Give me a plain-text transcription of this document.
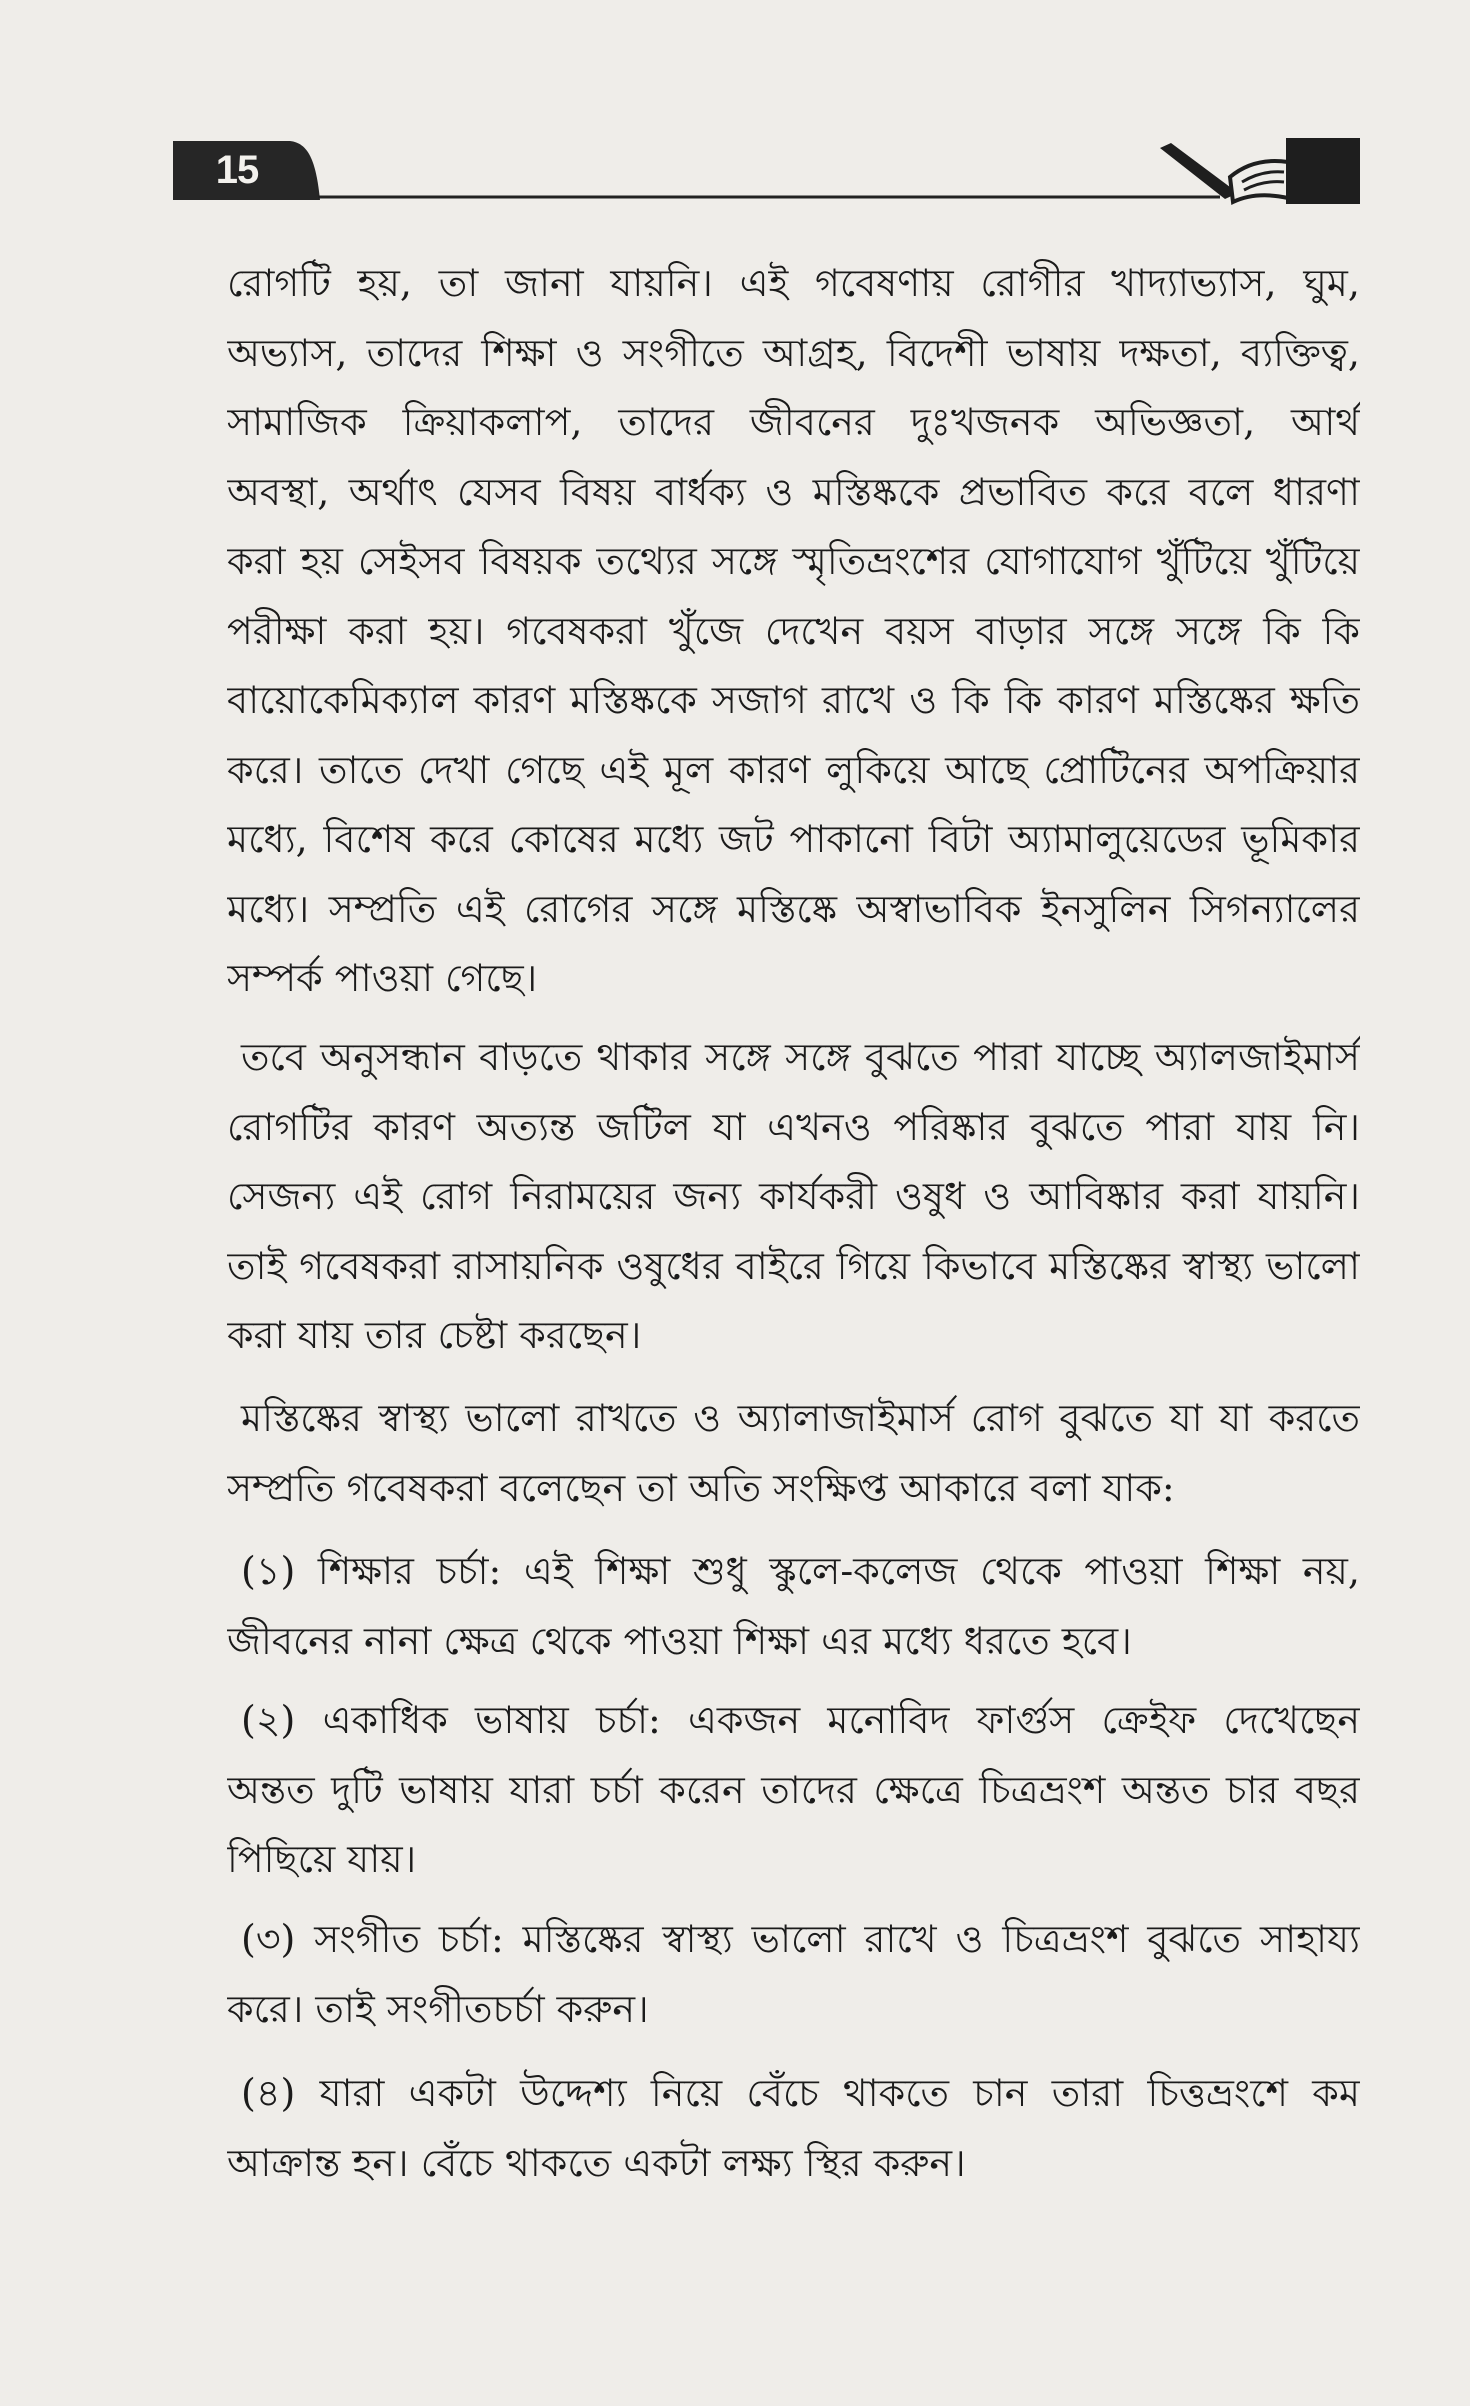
15
রোগটি হয়, তা জানা যায়নি। এই গবেষণায় রোগীর খাদ্যাভ্যাস, ঘুম,
অভ্যাস, তাদের শিক্ষা ও সংগীতে আগ্রহ, বিদেশী ভাষায় দক্ষতা, ব্যক্তিত্ব,
সামাজিক ক্রিয়াকলাপ, তাদের জীবনের দুঃখজনক অভিজ্ঞতা, আর্থ
অবস্থা, অর্থাৎ যেসব বিষয় বার্ধক্য ও মস্তিষ্ককে প্রভাবিত করে বলে ধারণা
করা হয় সেইসব বিষয়ক তথ্যের সঙ্গে স্মৃতিভ্রংশের যোগাযোগ খুঁটিয়ে খুঁটিয়ে
পরীক্ষা করা হয়। গবেষকরা খুঁজে দেখেন বয়স বাড়ার সঙ্গে সঙ্গে কি কি
বায়োকেমিক্যাল কারণ মস্তিষ্ককে সজাগ রাখে ও কি কি কারণ মস্তিষ্কের ক্ষতি
করে। তাতে দেখা গেছে এই মূল কারণ লুকিয়ে আছে প্রোটিনের অপক্রিয়ার
মধ্যে, বিশেষ করে কোষের মধ্যে জট পাকানো বিটা অ্যামালুয়েডের ভূমিকার
মধ্যে। সম্প্রতি এই রোগের সঙ্গে মস্তিষ্কে অস্বাভাবিক ইনসুলিন সিগন্যালের
সম্পর্ক পাওয়া গেছে।
তবে অনুসন্ধান বাড়তে থাকার সঙ্গে সঙ্গে বুঝতে পারা যাচ্ছে অ্যালজাইমার্স
রোগটির কারণ অত্যন্ত জটিল যা এখনও পরিষ্কার বুঝতে পারা যায় নি।
সেজন্য এই রোগ নিরাময়ের জন্য কার্যকরী ওষুধ ও আবিষ্কার করা যায়নি।
তাই গবেষকরা রাসায়নিক ওষুধের বাইরে গিয়ে কিভাবে মস্তিষ্কের স্বাস্থ্য ভালো
করা যায় তার চেষ্টা করছেন।
মস্তিষ্কের স্বাস্থ্য ভালো রাখতে ও অ্যালাজাইমার্স রোগ বুঝতে যা যা করতে
সম্প্রতি গবেষকরা বলেছেন তা অতি সংক্ষিপ্ত আকারে বলা যাক:
(১) শিক্ষার চর্চা: এই শিক্ষা শুধু স্কুলে-কলেজ থেকে পাওয়া শিক্ষা নয়,
জীবনের নানা ক্ষেত্র থেকে পাওয়া শিক্ষা এর মধ্যে ধরতে হবে।
(২) একাধিক ভাষায় চর্চা: একজন মনোবিদ ফার্গুস ক্রেইফ দেখেছেন
অন্তত দুটি ভাষায় যারা চর্চা করেন তাদের ক্ষেত্রে চিত্রভ্রংশ অন্তত চার বছর
পিছিয়ে যায়।
(৩) সংগীত চর্চা: মস্তিষ্কের স্বাস্থ্য ভালো রাখে ও চিত্রভ্রংশ বুঝতে সাহায্য
করে। তাই সংগীতচর্চা করুন।
(৪) যারা একটা উদ্দেশ্য নিয়ে বেঁচে থাকতে চান তারা চিত্তভ্রংশে কম
আক্রান্ত হন। বেঁচে থাকতে একটা লক্ষ্য স্থির করুন।
